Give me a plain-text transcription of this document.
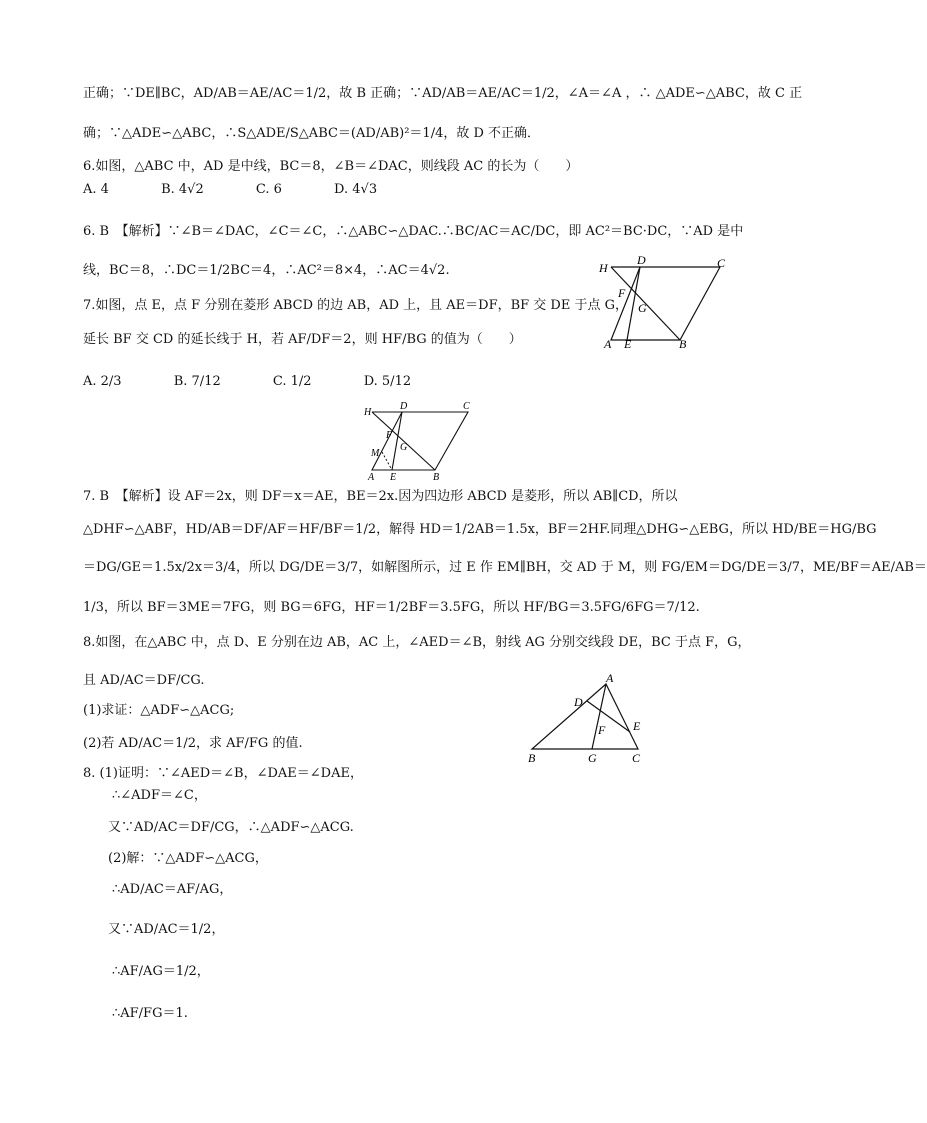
正确；∵DE∥BC，AD/AB＝AE/AC＝1/2，故 B 正确；∵AD/AB＝AE/AC＝1/2，∠A＝∠A ，∴ △ADE∽△ABC，故 C 正
确；∵△ADE∽△ABC，∴S△ADE/S△ABC＝(AD/AB)²＝1/4，故 D 不正确．
6.如图，△ABC 中，AD 是中线，BC＝8，∠B＝∠DAC，则线段 AC 的长为（　　）
A. 4	B. 4√2	C. 6	D. 4√3
6. B　【解析】∵∠B＝∠DAC，∠C＝∠C，∴△ABC∽△DAC.∴BC/AC＝AC/DC，即 AC²＝BC·DC，∵AD 是中
线，BC＝8，∴DC＝1/2BC＝4，∴AC²＝8×4，∴AC＝4√2.	H
D	C
F
G
A E	B
7.如图，点 E，点 F 分别在菱形 ABCD 的边 AB，AD 上，且 AE＝DF，BF 交 DE 于点 G，
延长 BF 交 CD 的延长线于 H，若 AF/DF＝2，则 HF/BG 的值为（　　）
A. 2/3	B. 7/12	C. 1/2	D. 5/12
H
D	C
F
G
M
A E	B
7. B　【解析】设 AF＝2x，则 DF＝x＝AE，BE＝2x.因为四边形 ABCD 是菱形，所以 AB∥CD，所以
△DHF∽△ABF，HD/AB＝DF/AF＝HF/BF＝1/2，解得 HD＝1/2AB＝1.5x，BF＝2HF.同理△DHG∽△EBG，所以 HD/BE＝HG/BG
＝DG/GE＝1.5x/2x＝3/4，所以 DG/DE＝3/7，如解图所示，过 E 作 EM∥BH，交 AD 于 M，则 FG/EM＝DG/DE＝3/7，ME/BF＝AE/AB＝
1/3，所以 BF＝3ME＝7FG，则 BG＝6FG，HF＝1/2BF＝3.5FG，所以 HF/BG＝3.5FG/6FG＝7/12.
8.如图，在△ABC 中，点 D、E 分别在边 AB，AC 上，∠AED＝∠B，射线 AG 分别交线段 DE，BC 于点 F，G，
且 AD/AC＝DF/CG.
(1)求证：△ADF∽△ACG;
(2)若 AD/AC＝1/2，求 AF/FG 的值.
A
D
E
F
B	G	C
8. (1)证明：∵∠AED＝∠B，∠DAE＝∠DAE，
∴∠ADF＝∠C，
又∵AD/AC＝DF/CG，∴△ADF∽△ACG.
(2)解：∵△ADF∽△ACG，
∴AD/AC＝AF/AG，
又∵AD/AC＝1/2，
∴AF/AG＝1/2，
∴AF/FG＝1.
